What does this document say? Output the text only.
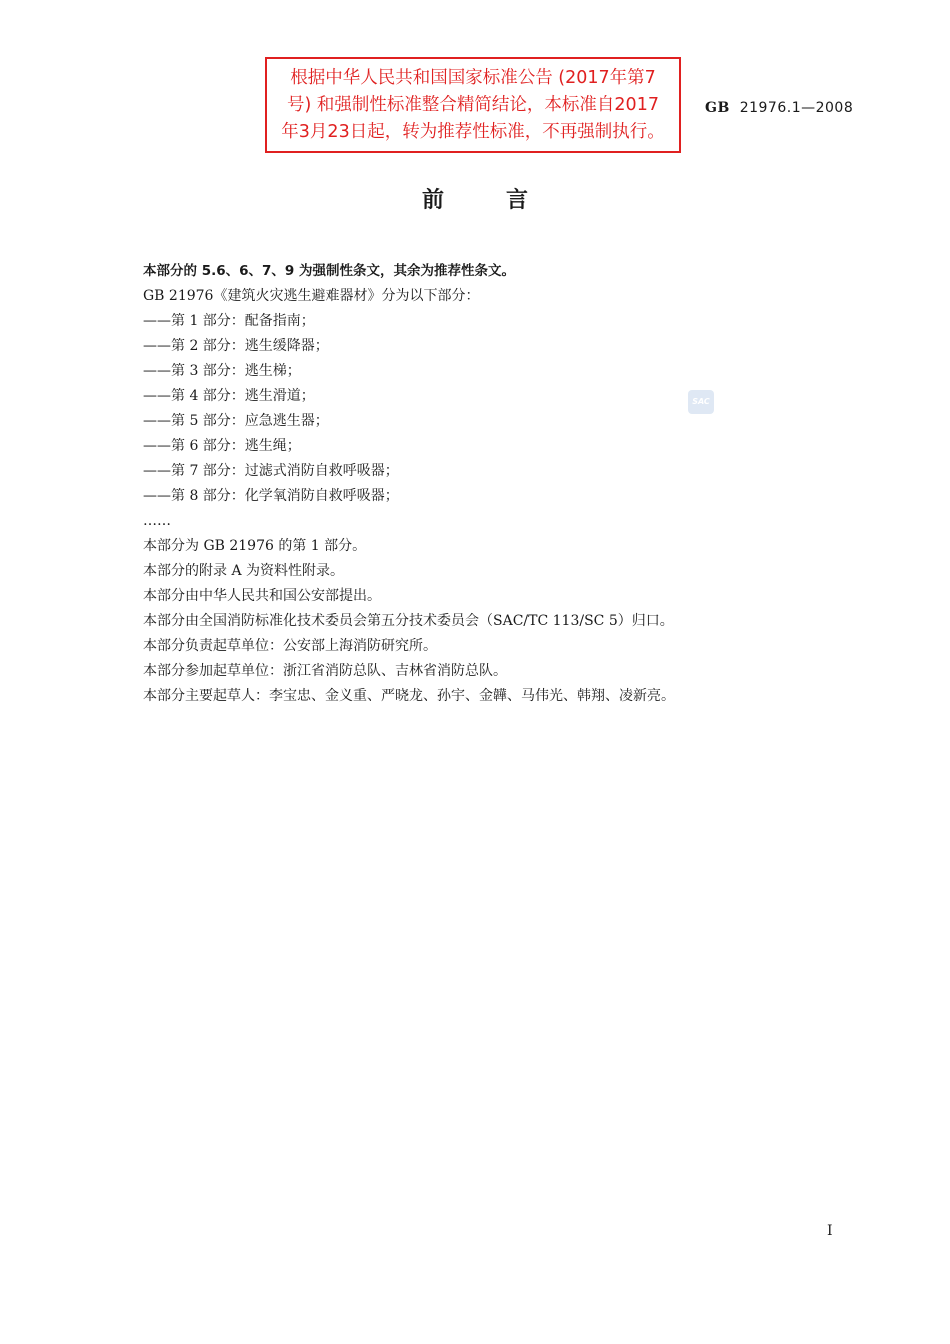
根据中华人民共和国国家标准公告 (2017年第7
号) 和强制性标准整合精简结论，本标准自2017
年3月23日起，转为推荐性标准，不再强制执行。
GB 21976.1—2008
前言
SAC
本部分的 5.6、6、7、9 为强制性条文，其余为推荐性条文。
GB 21976《建筑火灾逃生避难器材》分为以下部分：
——第 1 部分：配备指南；
——第 2 部分：逃生缓降器；
——第 3 部分：逃生梯；
——第 4 部分：逃生滑道；
——第 5 部分：应急逃生器；
——第 6 部分：逃生绳；
——第 7 部分：过滤式消防自救呼吸器；
——第 8 部分：化学氧消防自救呼吸器；
……
本部分为 GB 21976 的第 1 部分。
本部分的附录 A 为资料性附录。
本部分由中华人民共和国公安部提出。
本部分由全国消防标准化技术委员会第五分技术委员会（SAC/TC 113/SC 5）归口。
本部分负责起草单位：公安部上海消防研究所。
本部分参加起草单位：浙江省消防总队、吉林省消防总队。
本部分主要起草人：李宝忠、金义重、严晓龙、孙宇、金韡、马伟光、韩翔、凌新亮。
I
